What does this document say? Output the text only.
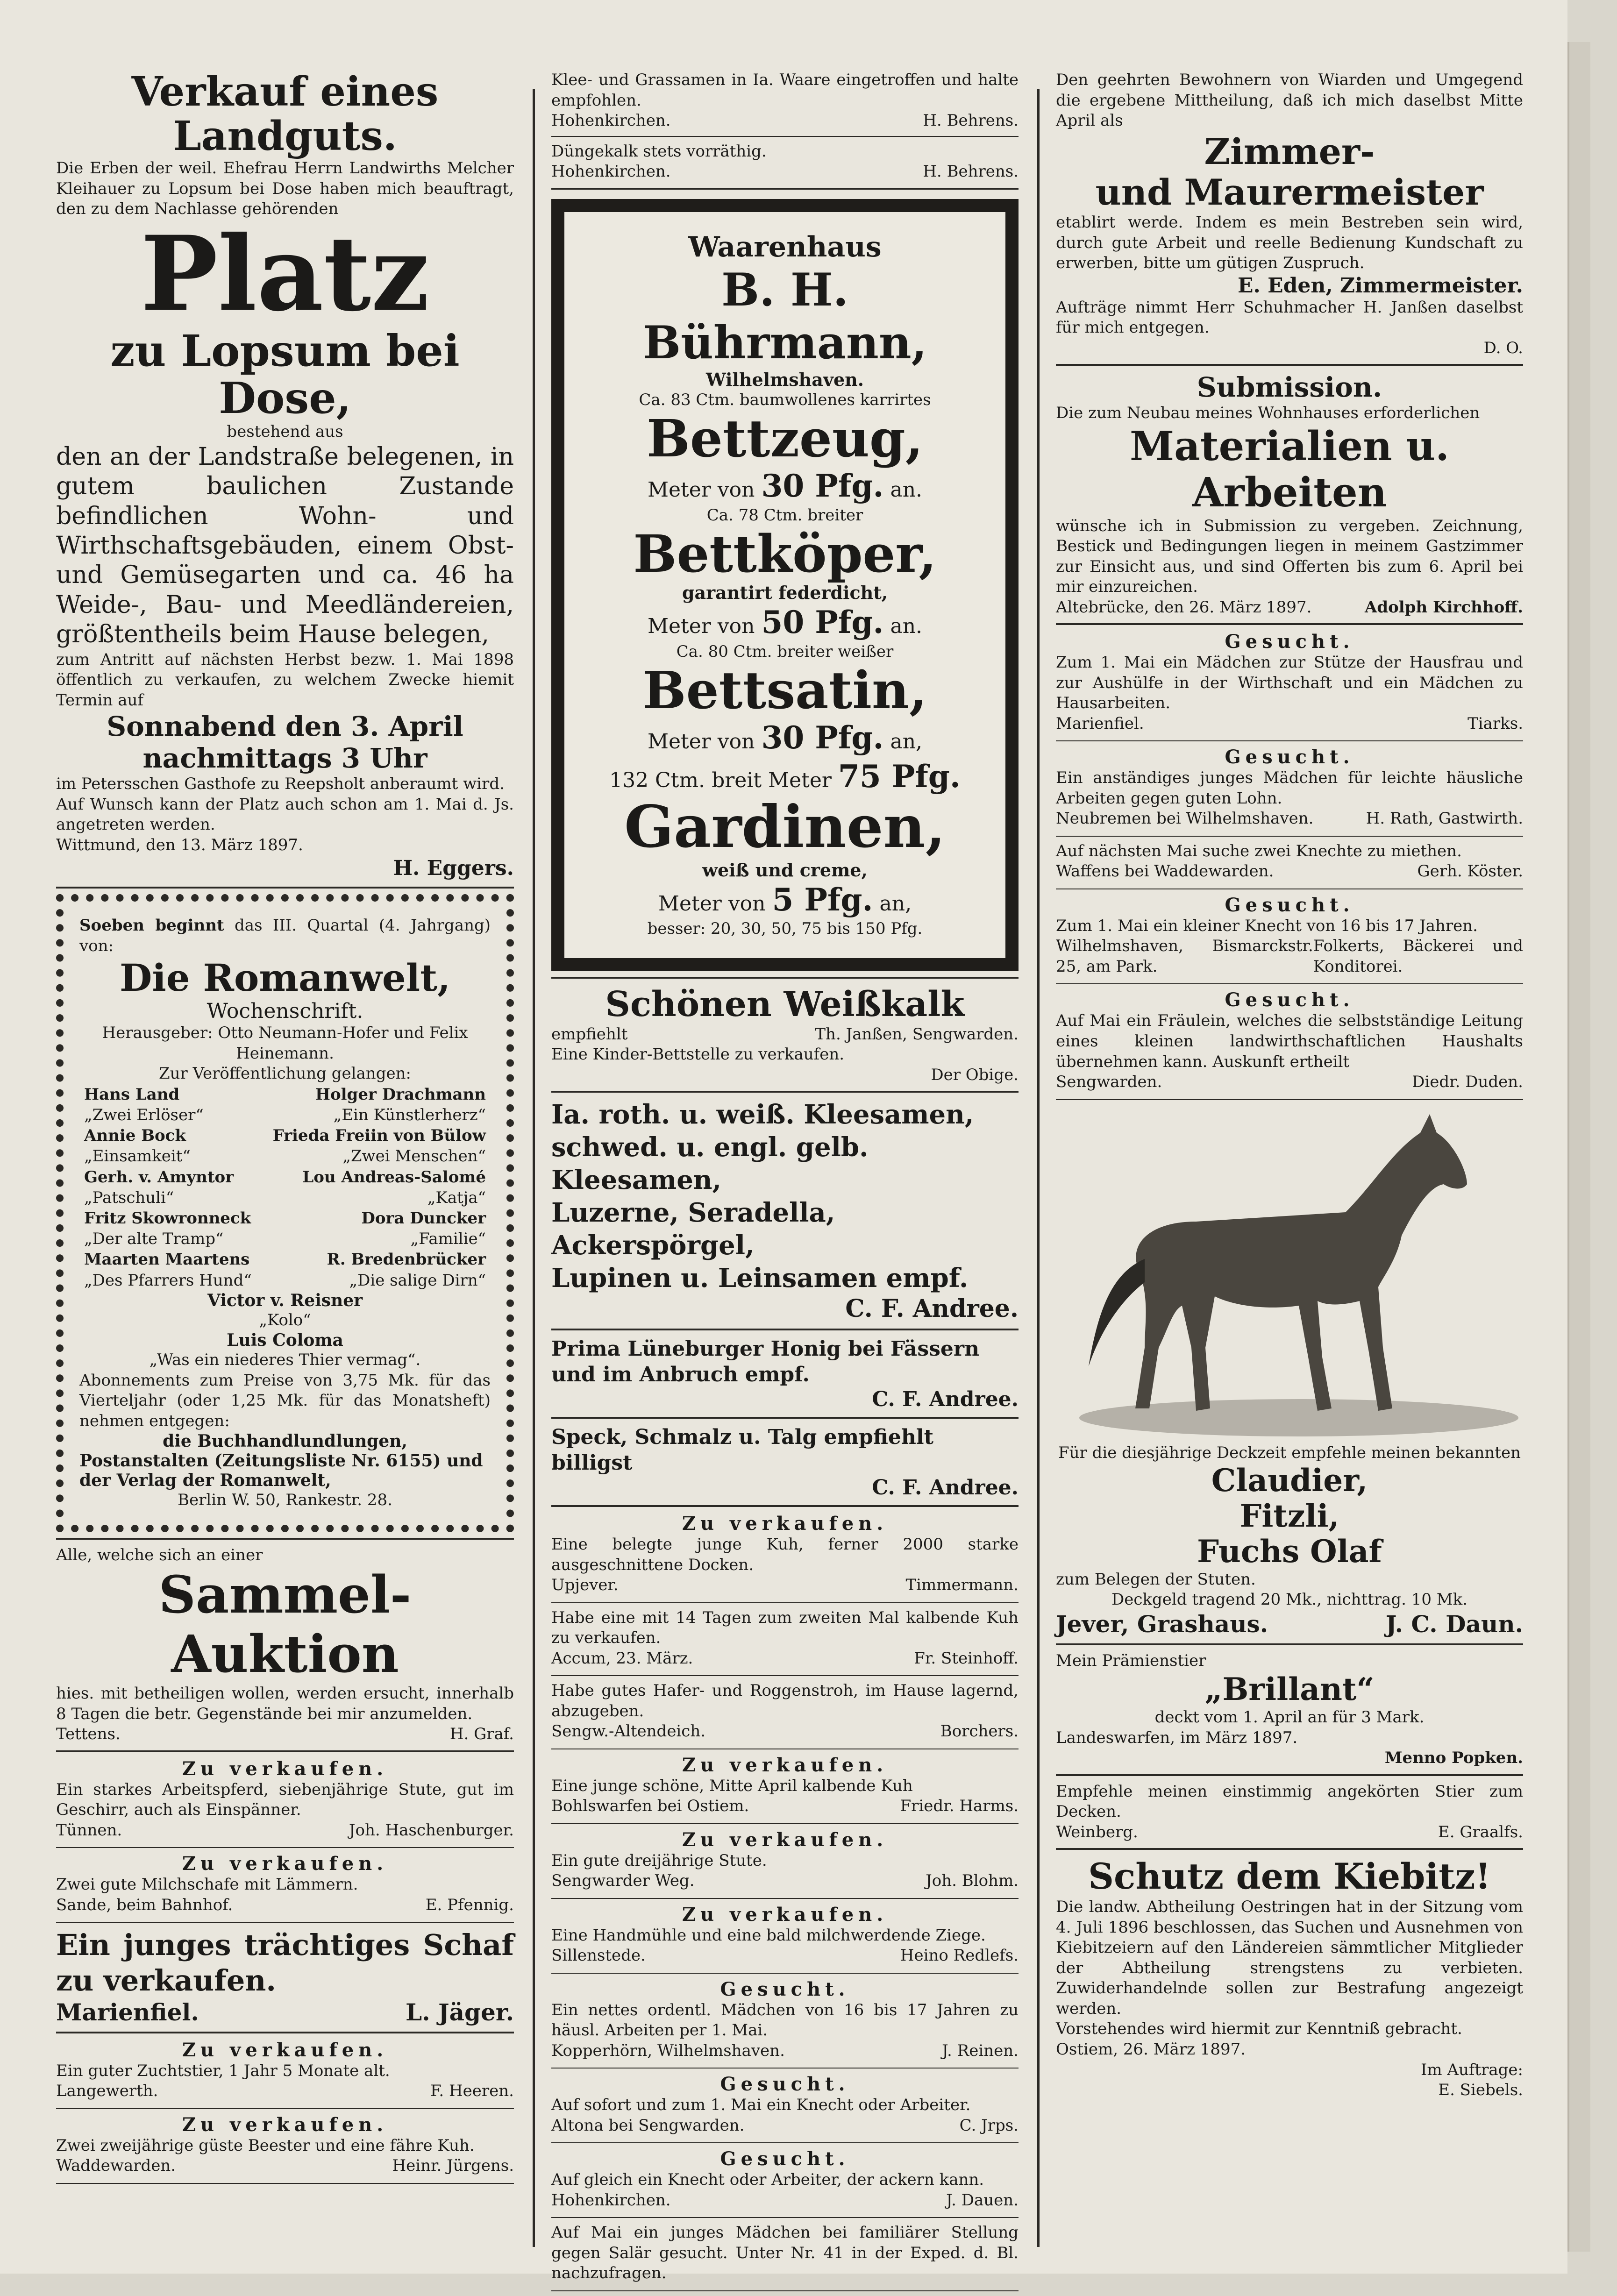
Verkauf eines Landguts.

Die Erben der weil. Ehefrau Herrn Landwirths Melcher Kleihauer zu Lopsum bei Dose haben mich beauftragt, den zu dem Nachlasse gehörenden

Platz

zu Lopsum bei Dose,

bestehend aus

den an der Landstraße belegenen, in gutem baulichen Zustande befindlichen Wohn- und Wirthschaftsgebäuden, einem Obst- und Gemüsegarten und ca. 46 ha Weide-, Bau- und Meedländereien, größtentheils beim Hause belegen,

zum Antritt auf nächsten Herbst bezw. 1. Mai 1898 öffentlich zu verkaufen, zu welchem Zwecke hiemit Termin auf

Sonnabend den 3. April

nachmittags 3 Uhr

im Petersschen Gasthofe zu Reepsholt anberaumt wird.

Auf Wunsch kann der Platz auch schon am 1. Mai d. Js. angetreten werden.

Wittmund, den 13. März 1897.

H. Eggers.

Soeben beginnt das III. Quartal (4. Jahrgang) von:

Die Romanwelt,

Wochenschrift.

Herausgeber: Otto Neumann-Hofer und Felix Heinemann.

Zur Veröffentlichung gelangen:

Hans Land	Holger Drachmann
„Zwei Erlöser“	„Ein Künstlerherz“
Annie Bock	Frieda Freiin von Bülow
„Einsamkeit“	„Zwei Menschen“
Gerh. v. Amyntor	Lou Andreas-Salomé
„Patschuli“	„Katja“
Fritz Skowronneck	Dora Duncker
„Der alte Tramp“	„Familie“
Maarten Maartens	R. Bredenbrücker
„Des Pfarrers Hund“	„Die salige Dirn“

Victor v. Reisner

„Kolo“

Luis Coloma

„Was ein niederes Thier vermag“.

Abonnements zum Preise von 3,75 Mk. für das Vierteljahr (oder 1,25 Mk. für das Monatsheft) nehmen entgegen:

die Buchhandlundlungen,

Postanstalten (Zeitungsliste Nr. 6155) und der Verlag der Romanwelt,

Berlin W. 50, Rankestr. 28.

Alle, welche sich an einer

Sammel-Auktion

hies. mit betheiligen wollen, werden ersucht, innerhalb 8 Tagen die betr. Gegenstände bei mir anzumelden.

Tettens.	H. Graf.

Zu verkaufen.

Ein starkes Arbeitspferd, siebenjährige Stute, gut im Geschirr, auch als Einspänner.

Tünnen.	Joh. Haschenburger.

Zu verkaufen.

Zwei gute Milchschafe mit Lämmern.

Sande, beim Bahnhof.	E. Pfennig.

Ein junges trächtiges Schaf zu verkaufen.

Marienfiel.	L. Jäger.

Zu verkaufen.

Ein guter Zuchtstier, 1 Jahr 5 Monate alt.

Langewerth.	F. Heeren.

Zu verkaufen.

Zwei zweijährige güste Beester und eine fähre Kuh.

Waddewarden.	Heinr. Jürgens.

Klee- und Grassamen in Ia. Waare eingetroffen und halte empfohlen.

Hohenkirchen.	H. Behrens.

Düngekalk stets vorräthig.

Hohenkirchen.	H. Behrens.

Waarenhaus

B. H. Bührmann,

Wilhelmshaven.

Ca. 83 Ctm. baumwollenes karrirtes

Bettzeug,

Meter von 30 Pfg. an.

Ca. 78 Ctm. breiter

Bettköper,

garantirt federdicht,

Meter von 50 Pfg. an.

Ca. 80 Ctm. breiter weißer

Bettsatin,

Meter von 30 Pfg. an,

132 Ctm. breit Meter 75 Pfg.

Gardinen,

weiß und creme,

Meter von 5 Pfg. an,

besser: 20, 30, 50, 75 bis 150 Pfg.

Schönen Weißkalk

empfiehlt	Th. Janßen, Sengwarden.

Eine Kinder-Bettstelle zu verkaufen.

Der Obige.

Ia. roth. u. weiß. Kleesamen,

schwed. u. engl. gelb. Kleesamen,

Luzerne, Seradella, Ackerspörgel,

Lupinen u. Leinsamen empf.

C. F. Andree.

Prima Lüneburger Honig bei Fässern und im Anbruch empf.

C. F. Andree.

Speck, Schmalz u. Talg empfiehlt billigst

C. F. Andree.

Zu verkaufen.

Eine belegte junge Kuh, ferner 2000 starke ausgeschnittene Docken.

Upjever.	Timmermann.

Habe eine mit 14 Tagen zum zweiten Mal kalbende Kuh zu verkaufen.

Accum, 23. März.	Fr. Steinhoff.

Habe gutes Hafer- und Roggenstroh, im Hause lagernd, abzugeben.

Sengw.-Altendeich.	Borchers.

Zu verkaufen.

Eine junge schöne, Mitte April kalbende Kuh

Bohlswarfen bei Ostiem.	Friedr. Harms.

Zu verkaufen.

Ein gute dreijährige Stute.

Sengwarder Weg.	Joh. Blohm.

Zu verkaufen.

Eine Handmühle und eine bald milchwerdende Ziege.

Sillenstede.	Heino Redlefs.

Gesucht.

Ein nettes ordentl. Mädchen von 16 bis 17 Jahren zu häusl. Arbeiten per 1. Mai.

Kopperhörn, Wilhelmshaven.	J. Reinen.

Gesucht.

Auf sofort und zum 1. Mai ein Knecht oder Arbeiter.

Altona bei Sengwarden.	C. Jrps.

Gesucht.

Auf gleich ein Knecht oder Arbeiter, der ackern kann.

Hohenkirchen.	J. Dauen.

Auf Mai ein junges Mädchen bei familiärer Stellung gegen Salär gesucht. Unter Nr. 41 in der Exped. d. Bl. nachzufragen.

Den geehrten Bewohnern von Wiarden und Umgegend die ergebene Mittheilung, daß ich mich daselbst Mitte April als

Zimmer-

und Maurermeister

etablirt werde. Indem es mein Bestreben sein wird, durch gute Arbeit und reelle Bedienung Kundschaft zu erwerben, bitte um gütigen Zuspruch.

E. Eden, Zimmermeister.

Aufträge nimmt Herr Schuhmacher H. Janßen daselbst für mich entgegen.

D. O.

Submission.

Die zum Neubau meines Wohnhauses erforderlichen

Materialien u. Arbeiten

wünsche ich in Submission zu vergeben. Zeichnung, Bestick und Bedingungen liegen in meinem Gastzimmer zur Einsicht aus, und sind Offerten bis zum 6. April bei mir einzureichen.

Altebrücke, den 26. März 1897.	Adolph Kirchhoff.

Gesucht.

Zum 1. Mai ein Mädchen zur Stütze der Hausfrau und zur Aushülfe in der Wirthschaft und ein Mädchen zu Hausarbeiten.

Marienfiel.	Tiarks.

Gesucht.

Ein anständiges junges Mädchen für leichte häusliche Arbeiten gegen guten Lohn.

Neubremen bei Wilhelmshaven.	H. Rath, Gastwirth.

Auf nächsten Mai suche zwei Knechte zu miethen.

Waffens bei Waddewarden.	Gerh. Köster.

Gesucht.

Zum 1. Mai ein kleiner Knecht von 16 bis 17 Jahren.

Wilhelmshaven, Bismarckstr. 25, am Park.
Folkerts, Bäckerei und Konditorei.

Gesucht.

Auf Mai ein Fräulein, welches die selbstständige Leitung eines kleinen landwirthschaftlichen Haushalts übernehmen kann. Auskunft ertheilt

Sengwarden.	Diedr. Duden.

Für die diesjährige Deckzeit empfehle meinen bekannten

Claudier,

Fitzli,

Fuchs Olaf

zum Belegen der Stuten.

Deckgeld tragend 20 Mk., nichttrag. 10 Mk.

Jever, Grashaus.	J. C. Daun.

Mein Prämienstier

„Brillant“

deckt vom 1. April an für 3 Mark.

Landeswarfen, im März 1897.

Menno Popken.

Empfehle meinen einstimmig angekörten Stier zum Decken.

Weinberg.	E. Graalfs.

Schutz dem Kiebitz!

Die landw. Abtheilung Oestringen hat in der Sitzung vom 4. Juli 1896 beschlossen, das Suchen und Ausnehmen von Kiebitzeiern auf den Ländereien sämmtlicher Mitglieder der Abtheilung strengstens zu verbieten. Zuwiderhandelnde sollen zur Bestrafung angezeigt werden.

Vorstehendes wird hiermit zur Kenntniß gebracht.

Ostiem, 26. März 1897.

Im Auftrage:

E. Siebels.
